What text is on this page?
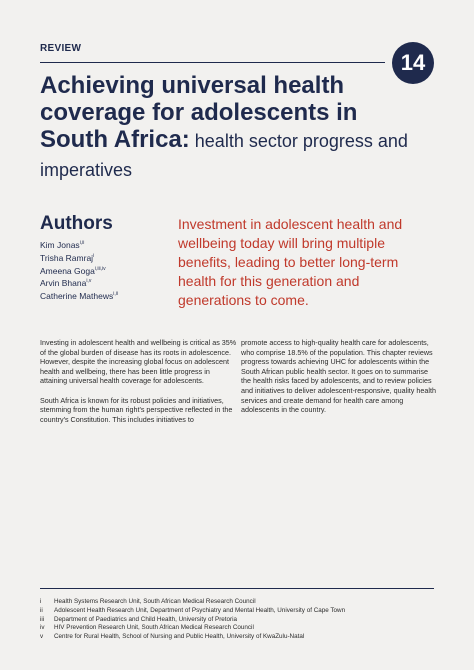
REVIEW
14
Achieving universal health
coverage for adolescents in
South Africa: health sector progress and imperatives
Authors
Kim Jonas$^{i,ii}$
Trisha Ramraj$^i$
Ameena Goga$^{i,iii,iv}$
Arvin Bhana$^{i,v}$
Catherine Mathews$^{i,ii}$
Investment in adolescent health and wellbeing today will bring multiple benefits, leading to better long-term health for this generation and generations to come.

Investing in adolescent health and wellbeing is critical as 35% of the global burden of disease has its roots in adolescence. However, despite the increasing global focus on adolescent health and wellbeing, there has been little progress in attaining universal health coverage for adolescents.

South Africa is known for its robust policies and initiatives, stemming from the human right's perspective reflected in the country's Constitution. This includes initiatives to

promote access to high-quality health care for adolescents, who comprise 18.5% of the population. This chapter reviews progress towards achieving UHC for adolescents within the South African public health sector. It goes on to summarise the health risks faced by adolescents, and to review policies and initiatives to deliver adolescent-responsive, quality health services and create demand for health care among adolescents in the country.

i	Health Systems Research Unit, South African Medical Research Council
ii	Adolescent Health Research Unit, Department of Psychiatry and Mental Health, University of Cape Town
iii	Department of Paediatrics and Child Health, University of Pretoria
iv	HIV Prevention Research Unit, South African Medical Research Council
v	Centre for Rural Health, School of Nursing and Public Health, University of KwaZulu-Natal
